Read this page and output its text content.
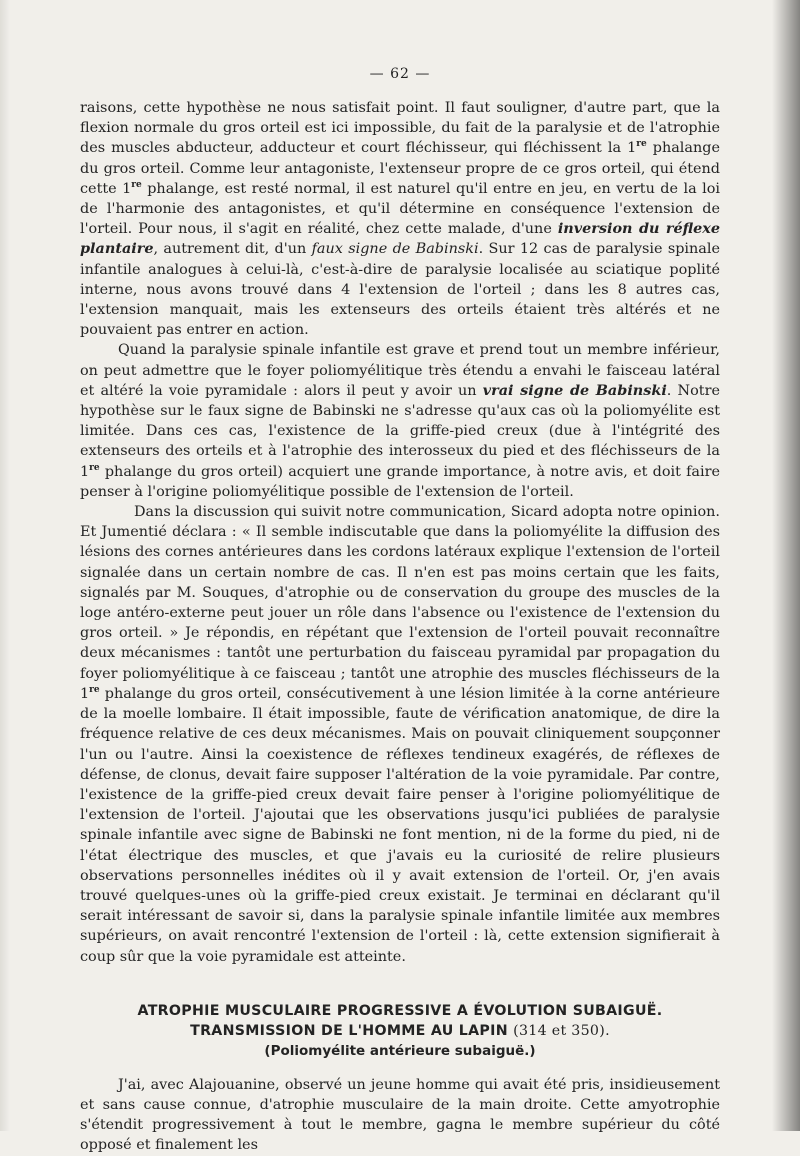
— 62 —

raisons, cette hypothèse ne nous satisfait point. Il faut souligner, d'autre part, que la flexion normale du gros orteil est ici impossible, du fait de la paralysie et de l'atrophie des muscles abducteur, adducteur et court fléchisseur, qui fléchissent la 1re phalange du gros orteil. Comme leur antagoniste, l'extenseur propre de ce gros orteil, qui étend cette 1re phalange, est resté normal, il est naturel qu'il entre en jeu, en vertu de la loi de l'harmonie des antagonistes, et qu'il détermine en conséquence l'extension de l'orteil. Pour nous, il s'agit en réalité, chez cette malade, d'une inversion du réflexe plantaire, autrement dit, d'un faux signe de Babinski. Sur 12 cas de paralysie spinale infantile analogues à celui-là, c'est-à-dire de paralysie localisée au sciatique poplité interne, nous avons trouvé dans 4 l'extension de l'orteil ; dans les 8 autres cas, l'extension manquait, mais les extenseurs des orteils étaient très altérés et ne pouvaient pas entrer en action.

Quand la paralysie spinale infantile est grave et prend tout un membre inférieur, on peut admettre que le foyer poliomyélitique très étendu a envahi le faisceau latéral et altéré la voie pyramidale : alors il peut y avoir un vrai signe de Babinski. Notre hypothèse sur le faux signe de Babinski ne s'adresse qu'aux cas où la poliomyélite est limitée. Dans ces cas, l'existence de la griffe-pied creux (due à l'intégrité des extenseurs des orteils et à l'atrophie des interosseux du pied et des fléchisseurs de la 1re phalange du gros orteil) acquiert une grande importance, à notre avis, et doit faire penser à l'origine poliomyélitique possible de l'extension de l'orteil.

Dans la discussion qui suivit notre communication, Sicard adopta notre opinion. Et Jumentié déclara : « Il semble indiscutable que dans la poliomyélite la diffusion des lésions des cornes antérieures dans les cordons latéraux explique l'extension de l'orteil signalée dans un certain nombre de cas. Il n'en est pas moins certain que les faits, signalés par M. Souques, d'atrophie ou de conservation du groupe des muscles de la loge antéro-externe peut jouer un rôle dans l'absence ou l'existence de l'extension du gros orteil. » Je répondis, en répétant que l'extension de l'orteil pouvait reconnaître deux mécanismes : tantôt une perturbation du faisceau pyramidal par propagation du foyer poliomyélitique à ce faisceau ; tantôt une atrophie des muscles fléchisseurs de la 1re phalange du gros orteil, consécutivement à une lésion limitée à la corne antérieure de la moelle lombaire. Il était impossible, faute de vérification anatomique, de dire la fréquence relative de ces deux mécanismes. Mais on pouvait cliniquement soupçonner l'un ou l'autre. Ainsi la coexistence de réflexes tendineux exagérés, de réflexes de défense, de clonus, devait faire supposer l'altération de la voie pyramidale. Par contre, l'existence de la griffe-pied creux devait faire penser à l'origine poliomyélitique de l'extension de l'orteil. J'ajoutai que les observations jusqu'ici publiées de paralysie spinale infantile avec signe de Babinski ne font mention, ni de la forme du pied, ni de l'état électrique des muscles, et que j'avais eu la curiosité de relire plusieurs observations personnelles inédites où il y avait extension de l'orteil. Or, j'en avais trouvé quelques-unes où la griffe-pied creux existait. Je terminai en déclarant qu'il serait intéressant de savoir si, dans la paralysie spinale infantile limitée aux membres supérieurs, on avait rencontré l'extension de l'orteil : là, cette extension signifierait à coup sûr que la voie pyramidale est atteinte.

ATROPHIE MUSCULAIRE PROGRESSIVE A ÉVOLUTION SUBAIGUË.
TRANSMISSION DE L'HOMME AU LAPIN (314 et 350).
(Poliomyélite antérieure subaiguë.)

J'ai, avec Alajouanine, observé un jeune homme qui avait été pris, insidieusement et sans cause connue, d'atrophie musculaire de la main droite. Cette amyotrophie s'étendit progressivement à tout le membre, gagna le membre supérieur du côté opposé et finalement les
